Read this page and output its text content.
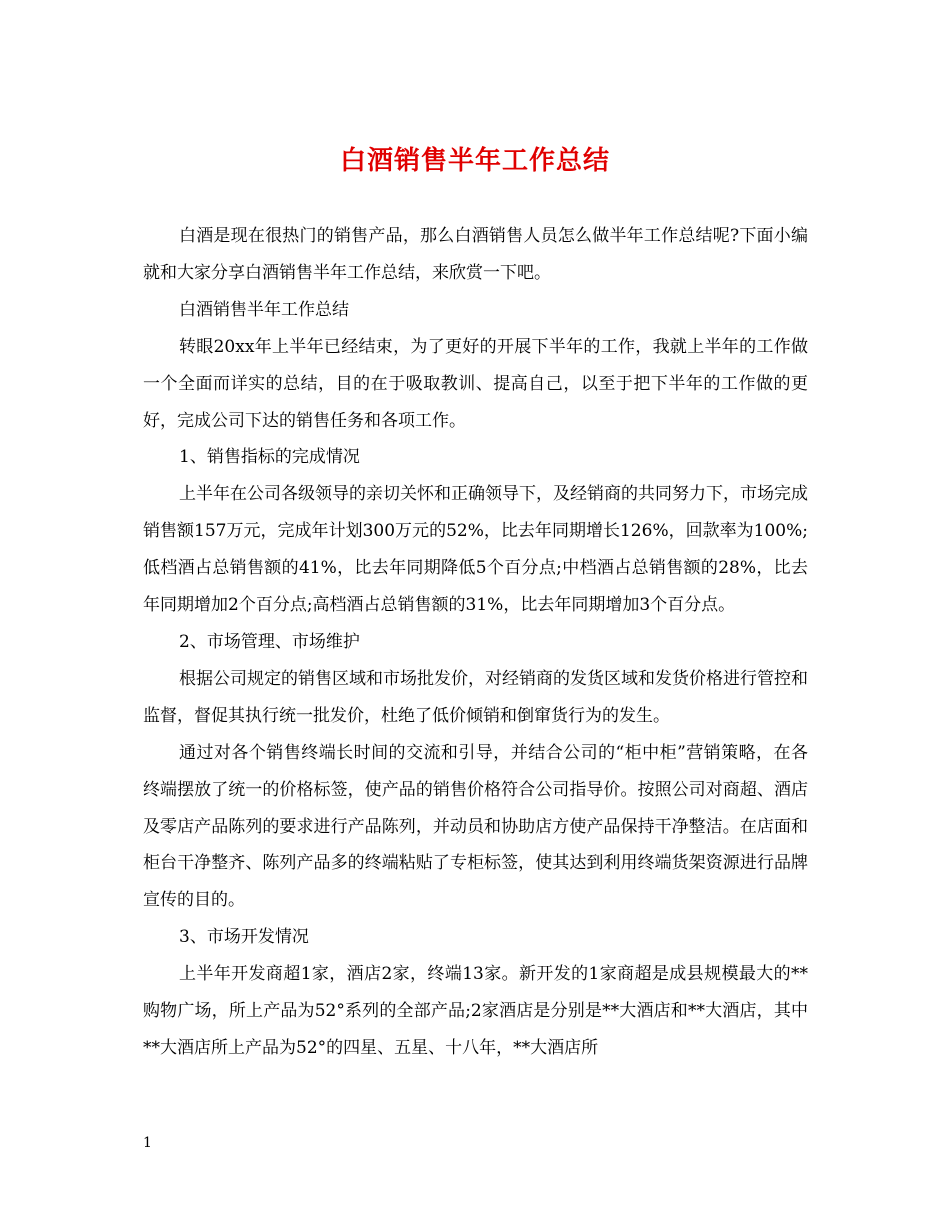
白酒销售半年工作总结

白酒是现在很热门的销售产品，那么白酒销售人员怎么做半年工作总结呢?下面小编就和大家分享白酒销售半年工作总结，来欣赏一下吧。

白酒销售半年工作总结

转眼20xx年上半年已经结束，为了更好的开展下半年的工作，我就上半年的工作做一个全面而详实的总结，目的在于吸取教训、提高自己，以至于把下半年的工作做的更好，完成公司下达的销售任务和各项工作。

1、销售指标的完成情况

上半年在公司各级领导的亲切关怀和正确领导下，及经销商的共同努力下，市场完成销售额157万元，完成年计划300万元的52%，比去年同期增长126%，回款率为100%;低档酒占总销售额的41%，比去年同期降低5个百分点;中档酒占总销售额的28%，比去年同期增加2个百分点;高档酒占总销售额的31%，比去年同期增加3个百分点。

2、市场管理、市场维护

根据公司规定的销售区域和市场批发价，对经销商的发货区域和发货价格进行管控和监督，督促其执行统一批发价，杜绝了低价倾销和倒窜货行为的发生。

通过对各个销售终端长时间的交流和引导，并结合公司的“柜中柜”营销策略，在各终端摆放了统一的价格标签，使产品的销售价格符合公司指导价。按照公司对商超、酒店及零店产品陈列的要求进行产品陈列，并动员和协助店方使产品保持干净整洁。在店面和柜台干净整齐、陈列产品多的终端粘贴了专柜标签，使其达到利用终端货架资源进行品牌宣传的目的。

3、市场开发情况

上半年开发商超1家，酒店2家，终端13家。新开发的1家商超是成县规模最大的**购物广场，所上产品为52°系列的全部产品;2家酒店是分别是**大酒店和**大酒店，其中**大酒店所上产品为52°的四星、五星、十八年，**大酒店所

1
